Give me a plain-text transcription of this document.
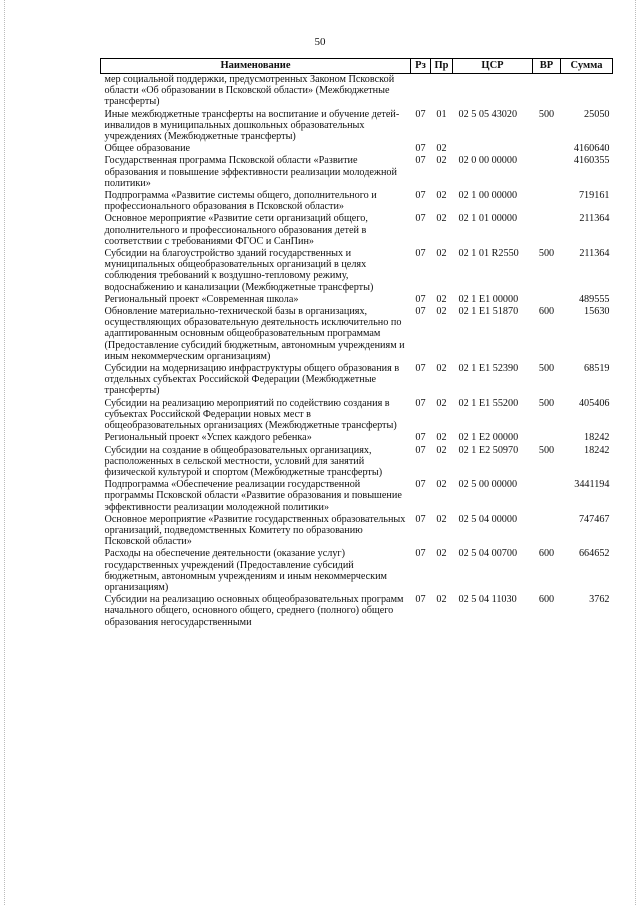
50
Наименование	Рз	Пр	ЦСР	ВР	Сумма
мер социальной поддержки, предусмотренных Законом Псковской области «Об образовании в Псковской области» (Межбюджетные трансферты)					
Иные межбюджетные трансферты на воспитание и обучение детей-инвалидов в муниципальных дошкольных образовательных учреждениях (Межбюджетные трансферты)	07	01	02 5 05 43020	500	25050
Общее образование	07	02			4160640
Государственная программа Псковской области «Развитие образования и повышение эффективности реализации молодежной политики»	07	02	02 0 00 00000		4160355
Подпрограмма «Развитие системы общего, дополнительного и профессионального образования в Псковской области»	07	02	02 1 00 00000		719161
Основное мероприятие «Развитие сети организаций общего, дополнительного и профессионального образования детей в соответствии с требованиями ФГОС и СанПин»	07	02	02 1 01 00000		211364
Субсидии на благоустройство зданий государственных и муниципальных общеобразовательных организаций в целях соблюдения требований к воздушно-тепловому режиму, водоснабжению и канализации (Межбюджетные трансферты)	07	02	02 1 01 R2550	500	211364
Региональный проект «Современная школа»	07	02	02 1 E1 00000		489555
Обновление материально-технической базы в организациях, осуществляющих образовательную деятельность исключительно по адаптированным основным общеобразовательным программам (Предоставление субсидий бюджетным, автономным учреждениям и иным некоммерческим организациям)	07	02	02 1 E1 51870	600	15630
Субсидии на модернизацию инфраструктуры общего образования в отдельных субъектах Российской Федерации (Межбюджетные трансферты)	07	02	02 1 E1 52390	500	68519
Субсидии на реализацию мероприятий по содействию создания в субъектах Российской Федерации новых мест в общеобразовательных организациях (Межбюджетные трансферты)	07	02	02 1 E1 55200	500	405406
Региональный проект «Успех каждого ребенка»	07	02	02 1 E2 00000		18242
Субсидии на создание в общеобразовательных организациях, расположенных в сельской местности, условий для занятий физической культурой и спортом (Межбюджетные трансферты)	07	02	02 1 E2 50970	500	18242
Подпрограмма «Обеспечение реализации государственной программы Псковской области «Развитие образования и повышение эффективности реализации молодежной политики»	07	02	02 5 00 00000		3441194
Основное мероприятие «Развитие государственных образовательных организаций, подведомственных Комитету по образованию Псковской области»	07	02	02 5 04 00000		747467
Расходы на обеспечение деятельности (оказание услуг) государственных учреждений (Предоставление субсидий бюджетным, автономным учреждениям и иным некоммерческим организациям)	07	02	02 5 04 00700	600	664652
Субсидии на реализацию основных общеобразовательных программ начального общего, основного общего, среднего (полного) общего образования негосударственными	07	02	02 5 04 11030	600	3762
